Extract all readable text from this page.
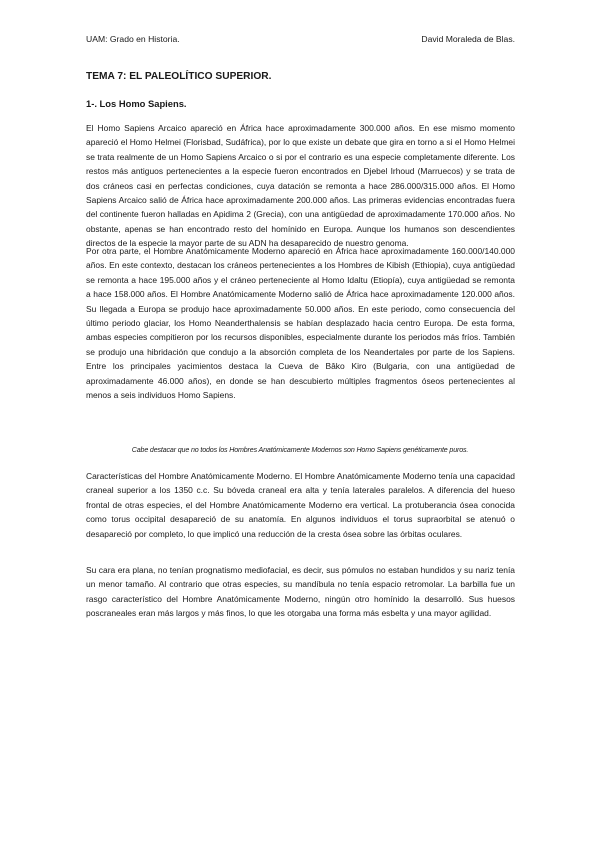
UAM: Grado en Historia.	David Moraleda de Blas.
TEMA 7: EL PALEOLÍTICO SUPERIOR.
1-. Los Homo Sapiens.

El Homo Sapiens Arcaico apareció en África hace aproximadamente 300.000 años. En ese mismo momento apareció el Homo Helmei (Florisbad, Sudáfrica), por lo que existe un debate que gira en torno a si el Homo Helmei se trata realmente de un Homo Sapiens Arcaico o si por el contrario es una especie completamente diferente. Los restos más antiguos pertenecientes a la especie fueron encontrados en Djebel Irhoud (Marruecos) y se trata de dos cráneos casi en perfectas condiciones, cuya datación se remonta a hace 286.000/315.000 años. El Homo Sapiens Arcaico salió de África hace aproximadamente 200.000 años. Las primeras evidencias encontradas fuera del continente fueron halladas en Apidima 2 (Grecia), con una antigüedad de aproximadamente 170.000 años. No obstante, apenas se han encontrado resto del homínido en Europa. Aunque los humanos son descendientes directos de la especie la mayor parte de su ADN ha desaparecido de nuestro genoma.

Por otra parte, el Hombre Anatómicamente Moderno apareció en África hace aproximadamente 160.000/140.000 años. En este contexto, destacan los cráneos pertenecientes a los Hombres de Kibish (Ethiopia), cuya antigüedad se remonta a hace 195.000 años y el cráneo perteneciente al Homo Idaltu (Etiopía), cuya antigüedad se remonta a hace 158.000 años. El Hombre Anatómicamente Moderno salió de África hace aproximadamente 120.000 años. Su llegada a Europa se produjo hace aproximadamente 50.000 años. En este periodo, como consecuencia del último periodo glaciar, los Homo Neanderthalensis se habían desplazado hacia centro Europa. De esta forma, ambas especies compitieron por los recursos disponibles, especialmente durante los periodos más fríos. También se produjo una hibridación que condujo a la absorción completa de los Neandertales por parte de los Sapiens. Entre los principales yacimientos destaca la Cueva de Bâko Kiro (Bulgaria, con una antigüedad de aproximadamente 46.000 años), en donde se han descubierto múltiples fragmentos óseos pertenecientes al menos a seis individuos Homo Sapiens.

Cabe destacar que no todos los Hombres Anatómicamente Modernos son Homo Sapiens genéticamente puros.

Características del Hombre Anatómicamente Moderno. El Hombre Anatómicamente Moderno tenía una capacidad craneal superior a los 1350 c.c. Su bóveda craneal era alta y tenía laterales paralelos. A diferencia del hueso frontal de otras especies, el del Hombre Anatómicamente Moderno era vertical. La protuberancia ósea conocida como torus occipital desapareció de su anatomía. En algunos individuos el torus supraorbital se atenuó o desapareció por completo, lo que implicó una reducción de la cresta ósea sobre las órbitas oculares.

Su cara era plana, no tenían prognatismo mediofacial, es decir, sus pómulos no estaban hundidos y su nariz tenía un menor tamaño. Al contrario que otras especies, su mandíbula no tenía espacio retromolar. La barbilla fue un rasgo característico del Hombre Anatómicamente Moderno, ningún otro homínido la desarrolló. Sus huesos poscraneales eran más largos y más finos, lo que les otorgaba una forma más esbelta y una mayor agilidad.
